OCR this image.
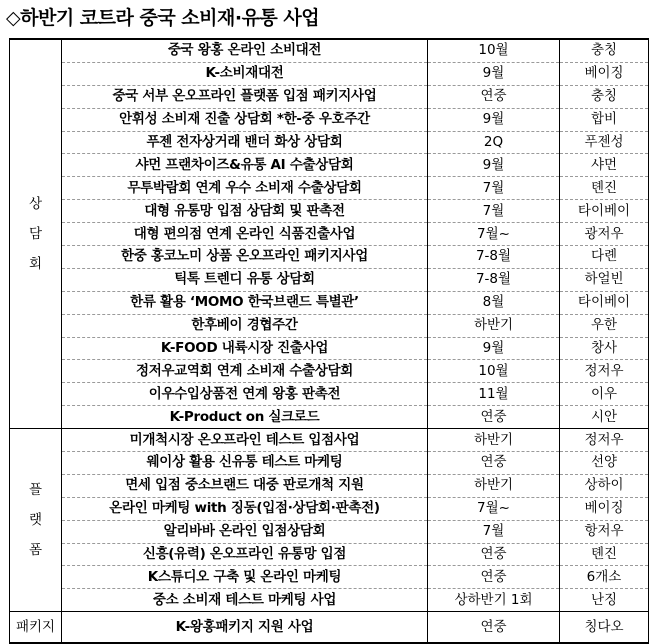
◇하반기 코트라 중국 소비재·유통 사업
상
담
회	중국 왕홍 온라인 소비대전	10월	충칭
	K-소비재대전	9월	베이징
	중국 서부 온오프라인 플랫폼 입점 패키지사업	연중	충칭
	안휘성 소비재 진출 상담회 *한-중 우호주간	9월	합비
	푸젠 전자상거래 밴더 화상 상담회	2Q	푸젠성
	샤먼 프랜차이즈&유통 AI 수출상담회	9월	샤먼
	무투박람회 연계 우수 소비재 수출상담회	7월	톈진
	대형 유통망 입점 상담회 및 판촉전	7월	타이베이
	대형 편의점 연계 온라인 식품진출사업	7월~	광저우
	한중 홍코노미 상품 온오프라인 패키지사업	7-8월	다롄
	틱톡 트렌디 유통 상담회	7-8월	하얼빈
	한류 활용 ‘MOMO 한국브랜드 특별관’	8월	타이베이
	한후베이 경협주간	하반기	우한
	K-FOOD 내륙시장 진출사업	9월	창사
	정저우교역회 연계 소비재 수출상담회	10월	정저우
	이우수입상품전 연계 왕홍 판촉전	11월	이우
	K-Product on 실크로드	연중	시안

플
랫
폼	미개척시장 온오프라인 테스트 입점사업	하반기	정저우
	웨이상 활용 신유통 테스트 마케팅	연중	선양
	면세 입점 중소브랜드 대중 판로개척 지원	하반기	상하이
	온라인 마케팅 with 징동(입점·상담회·판촉전)	7월~	베이징
	알리바바 온라인 입점상담회	7월	항저우
	신흥(유력) 온오프라인 유통망 입점	연중	톈진
	K스튜디오 구축 및 온라인 마케팅	연중	6개소
	중소 소비재 테스트 마케팅 사업	상하반기 1회	난징

패키지	K-왕홍패키지 지원 사업	연중	칭다오
